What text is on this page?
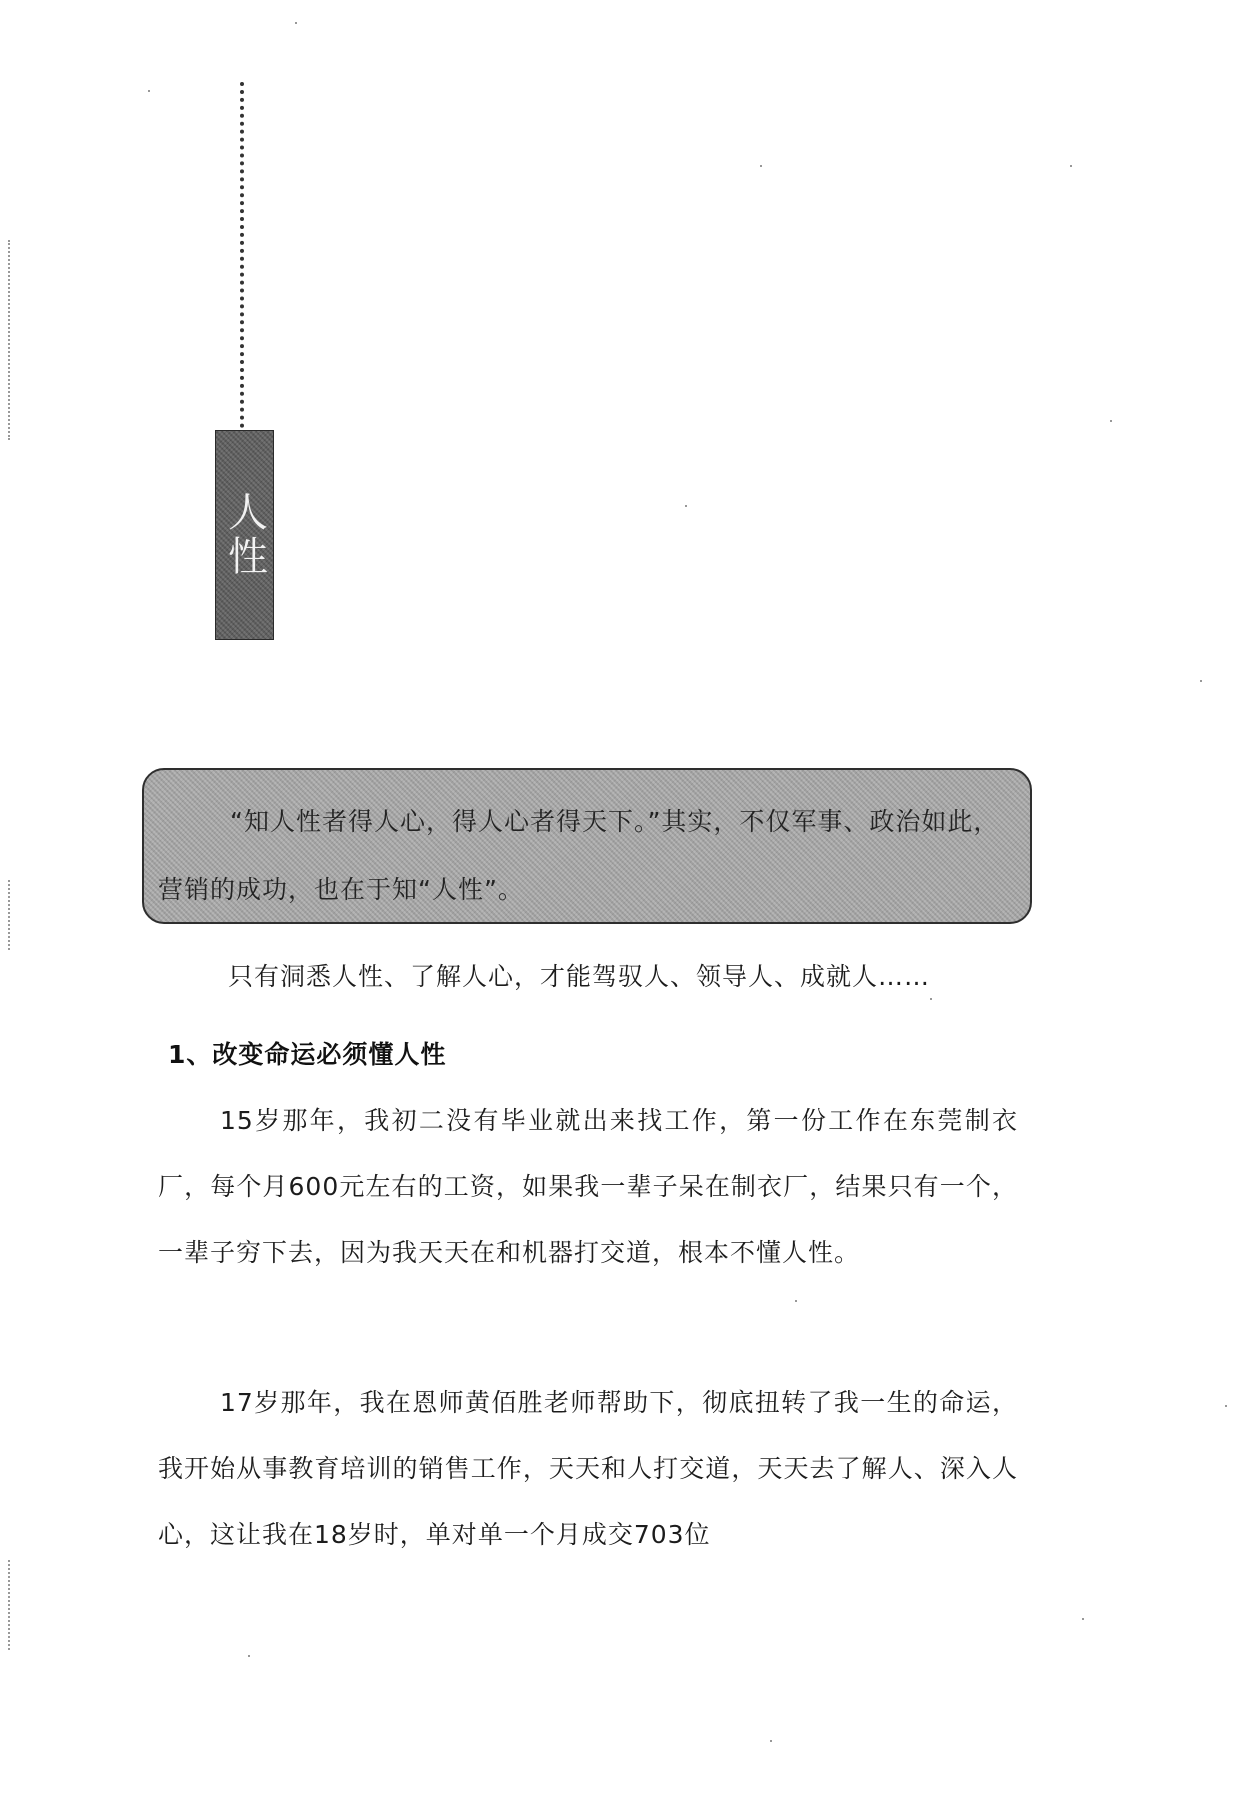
人性

“知人性者得人心，得人心者得天下。”其实，不仅军事、政治如此，营销的成功，也在于知“人性”。

只有洞悉人性、了解人心，才能驾驭人、领导人、成就人……
1、改变命运必须懂人性

15岁那年，我初二没有毕业就出来找工作，第一份工作在东莞制衣厂，每个月600元左右的工资，如果我一辈子呆在制衣厂，结果只有一个，一辈子穷下去，因为我天天在和机器打交道，根本不懂人性。

17岁那年，我在恩师黄佰胜老师帮助下，彻底扭转了我一生的命运，我开始从事教育培训的销售工作，天天和人打交道，天天去了解人、深入人心，这让我在18岁时，单对单一个月成交703位
